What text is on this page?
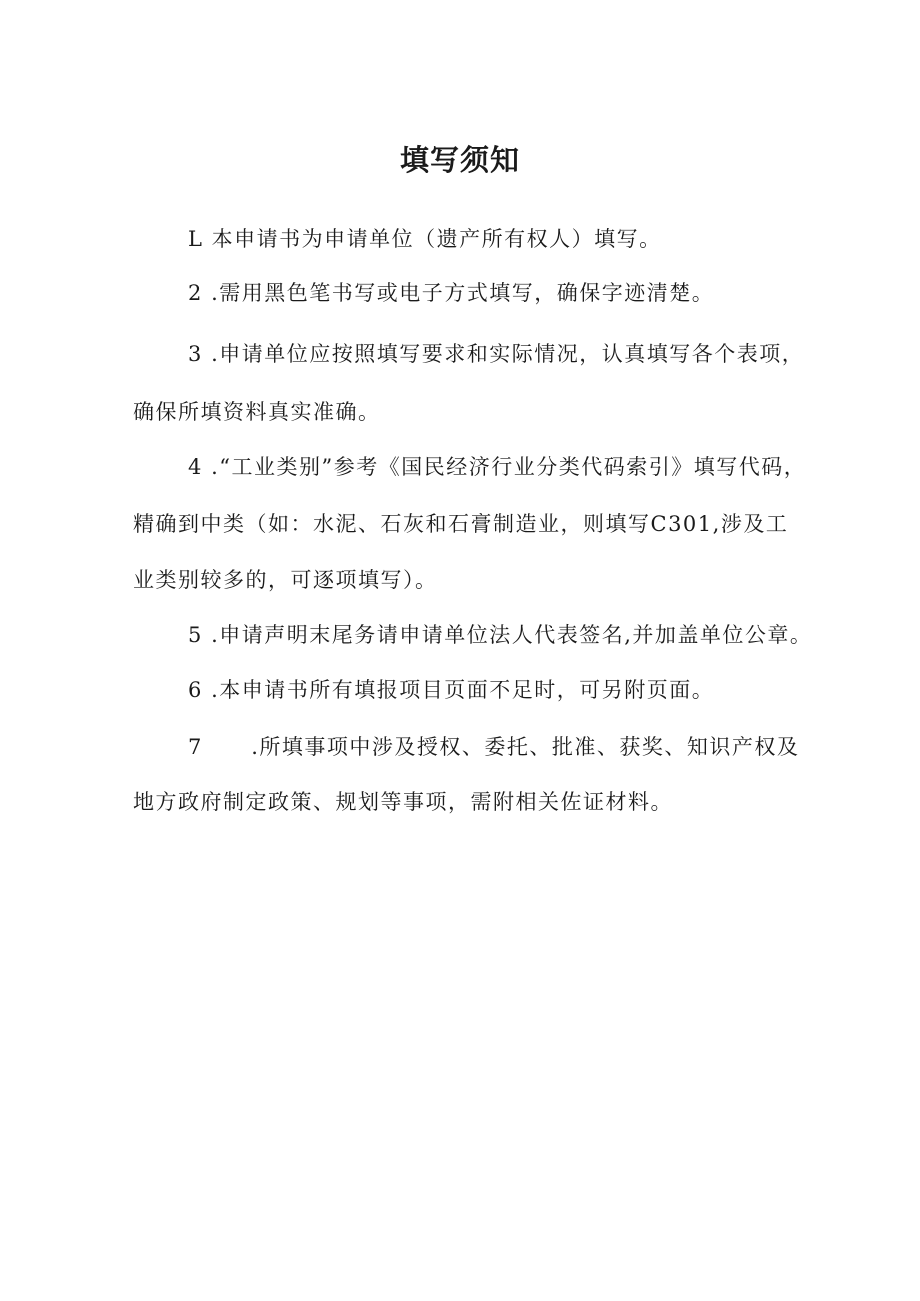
填写须知
L 本申请书为申请单位（遗产所有权人）填写。
2 .需用黑色笔书写或电子方式填写，确保字迹清楚。
3 .申请单位应按照填写要求和实际情况，认真填写各个表项，
确保所填资料真实准确。
4 .“工业类别”参考《国民经济行业分类代码索引》填写代码，
精确到中类（如：水泥、石灰和石膏制造业，则填写C301,涉及工
业类别较多的，可逐项填写）。
5 .申请声明末尾务请申请单位法人代表签名,并加盖单位公章。
6 .本申请书所有填报项目页面不足时，可另附页面。
7 .所填事项中涉及授权、委托、批准、获奖、知识产权及
地方政府制定政策、规划等事项，需附相关佐证材料。
